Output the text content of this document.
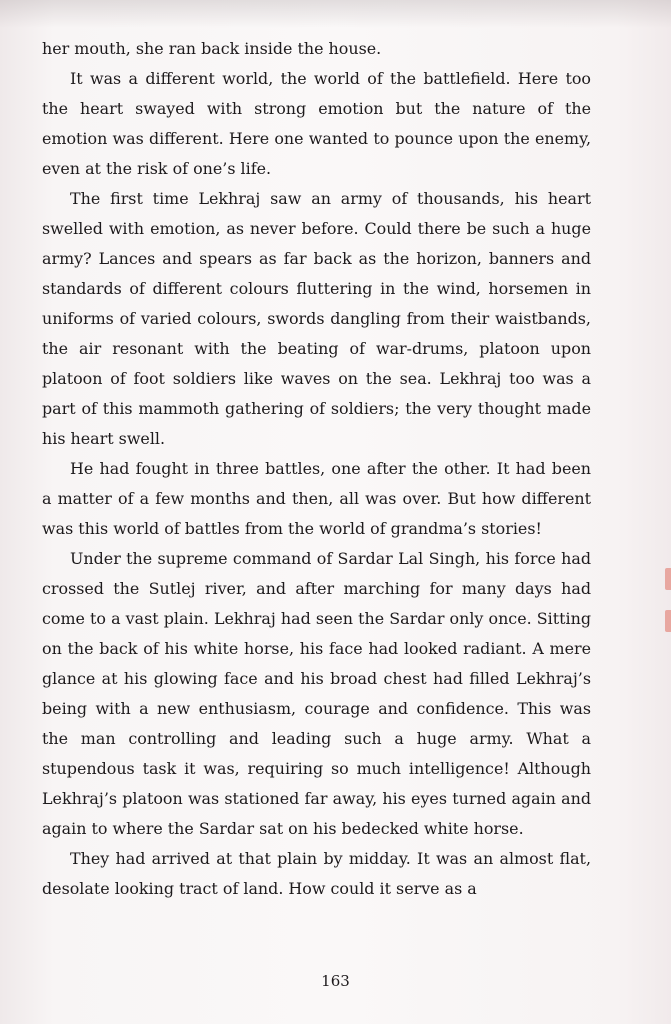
her mouth, she ran back inside the house.

It was a different world, the world of the battlefield. Here too the heart swayed with strong emotion but the nature of the emotion was different. Here one wanted to pounce upon the enemy, even at the risk of one’s life.

The first time Lekhraj saw an army of thousands, his heart swelled with emotion, as never before. Could there be such a huge army? Lances and spears as far back as the horizon, banners and standards of different colours fluttering in the wind, horsemen in uniforms of varied colours, swords dangling from their waistbands, the air resonant with the beating of war-drums, platoon upon platoon of foot soldiers like waves on the sea. Lekhraj too was a part of this mammoth gathering of soldiers; the very thought made his heart swell.

He had fought in three battles, one after the other. It had been a matter of a few months and then, all was over. But how different was this world of battles from the world of grandma’s stories!

Under the supreme command of Sardar Lal Singh, his force had crossed the Sutlej river, and after marching for many days had come to a vast plain. Lekhraj had seen the Sardar only once. Sitting on the back of his white horse, his face had looked radiant. A mere glance at his glowing face and his broad chest had filled Lekhraj’s being with a new enthusiasm, courage and confidence. This was the man controlling and leading such a huge army. What a stupendous task it was, requiring so much intelligence! Although Lekhraj’s platoon was stationed far away, his eyes turned again and again to where the Sardar sat on his bedecked white horse.

They had arrived at that plain by midday. It was an almost flat, desolate looking tract of land. How could it serve as a

163
